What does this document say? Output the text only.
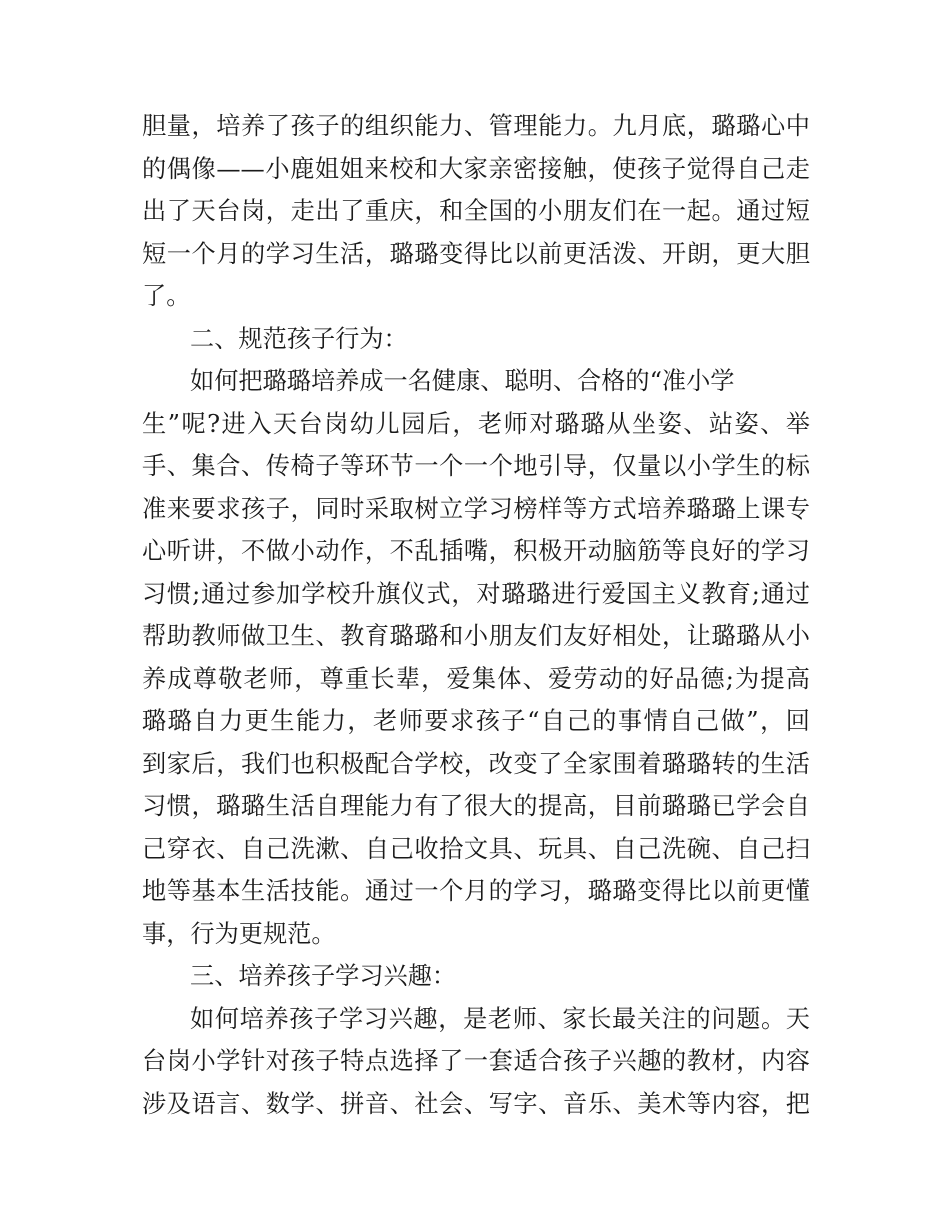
胆量，培养了孩子的组织能力、管理能力。九月底，璐璐心中
的偶像——小鹿姐姐来校和大家亲密接触，使孩子觉得自己走
出了天台岗，走出了重庆，和全国的小朋友们在一起。通过短
短一个月的学习生活，璐璐变得比以前更活泼、开朗，更大胆
了。
二、规范孩子行为：
如何把璐璐培养成一名健康、聪明、合格的“准小学
生”呢?进入天台岗幼儿园后，老师对璐璐从坐姿、站姿、举
手、集合、传椅子等环节一个一个地引导，仅量以小学生的标
准来要求孩子，同时采取树立学习榜样等方式培养璐璐上课专
心听讲，不做小动作，不乱插嘴，积极开动脑筋等良好的学习
习惯;通过参加学校升旗仪式，对璐璐进行爱国主义教育;通过
帮助教师做卫生、教育璐璐和小朋友们友好相处，让璐璐从小
养成尊敬老师，尊重长辈，爱集体、爱劳动的好品德;为提高
璐璐自力更生能力，老师要求孩子“自己的事情自己做”，回
到家后，我们也积极配合学校，改变了全家围着璐璐转的生活
习惯，璐璐生活自理能力有了很大的提高，目前璐璐已学会自
己穿衣、自己洗漱、自己收拾文具、玩具、自己洗碗、自己扫
地等基本生活技能。通过一个月的学习，璐璐变得比以前更懂
事，行为更规范。
三、培养孩子学习兴趣：
如何培养孩子学习兴趣，是老师、家长最关注的问题。天
台岗小学针对孩子特点选择了一套适合孩子兴趣的教材，内容
涉及语言、数学、拼音、社会、写字、音乐、美术等内容，把
